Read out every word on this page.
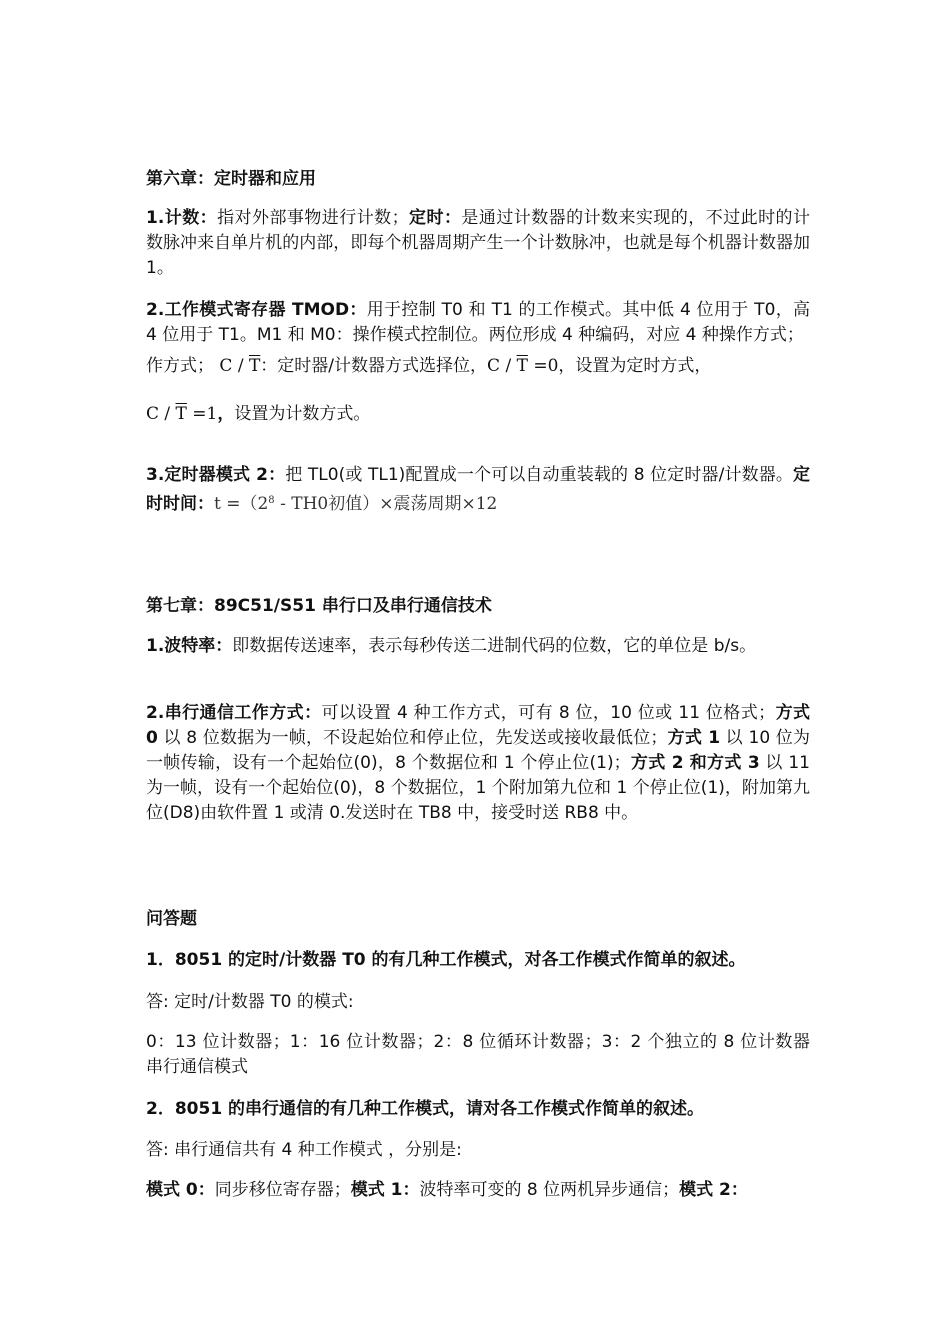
第六章：定时器和应用

1.计数：指对外部事物进行计数；定时：是通过计数器的计数来实现的，不过此时的计数脉冲来自单片机的内部，即每个机器周期产生一个计数脉冲，也就是每个机器计数器加 1。

2.工作模式寄存器 TMOD：用于控制 T0 和 T1 的工作模式。其中低 4 位用于 T0，高 4 位用于 T1。M1 和 M0：操作模式控制位。两位形成 4 种编码，对应 4 种操作方式；

作方式； C / $\overline{T}$：定时器/计数器方式选择位，$C / \overline{T} =0$，设置为定时方式，

$C / \overline{T} =1$，设置为计数方式。

3.定时器模式 2：把 TL0(或 TL1)配置成一个可以自动重装载的 8 位定时器/计数器。定时时间：$t =(2^8 - TH0$初值）×震荡周期×12

第七章：89C51/S51 串行口及串行通信技术

1.波特率：即数据传送速率，表示每秒传送二进制代码的位数，它的单位是 b/s。

2.串行通信工作方式：可以设置 4 种工作方式，可有 8 位，10 位或 11 位格式；方式 0 以 8 位数据为一帧，不设起始位和停止位，先发送或接收最低位；方式 1 以 10 位为一帧传输，设有一个起始位(0)，8 个数据位和 1 个停止位(1)；方式 2 和方式 3 以 11 为一帧，设有一个起始位(0)，8 个数据位，1 个附加第九位和 1 个停止位(1)，附加第九位(D8)由软件置 1 或清 0.发送时在 TB8 中，接受时送 RB8 中。

问答题

1．8051 的定时/计数器 T0 的有几种工作模式，对各工作模式作简单的叙述。

答: 定时/计数器 T0 的模式:

0：13 位计数器；1：16 位计数器；2：8 位循环计数器；3：2 个独立的 8 位计数器 串行通信模式

2．8051 的串行通信的有几种工作模式，请对各工作模式作简单的叙述。

答: 串行通信共有 4 种工作模式 ，分别是:

模式 0：同步移位寄存器；模式 1：波特率可变的 8 位两机异步通信；模式 2：
